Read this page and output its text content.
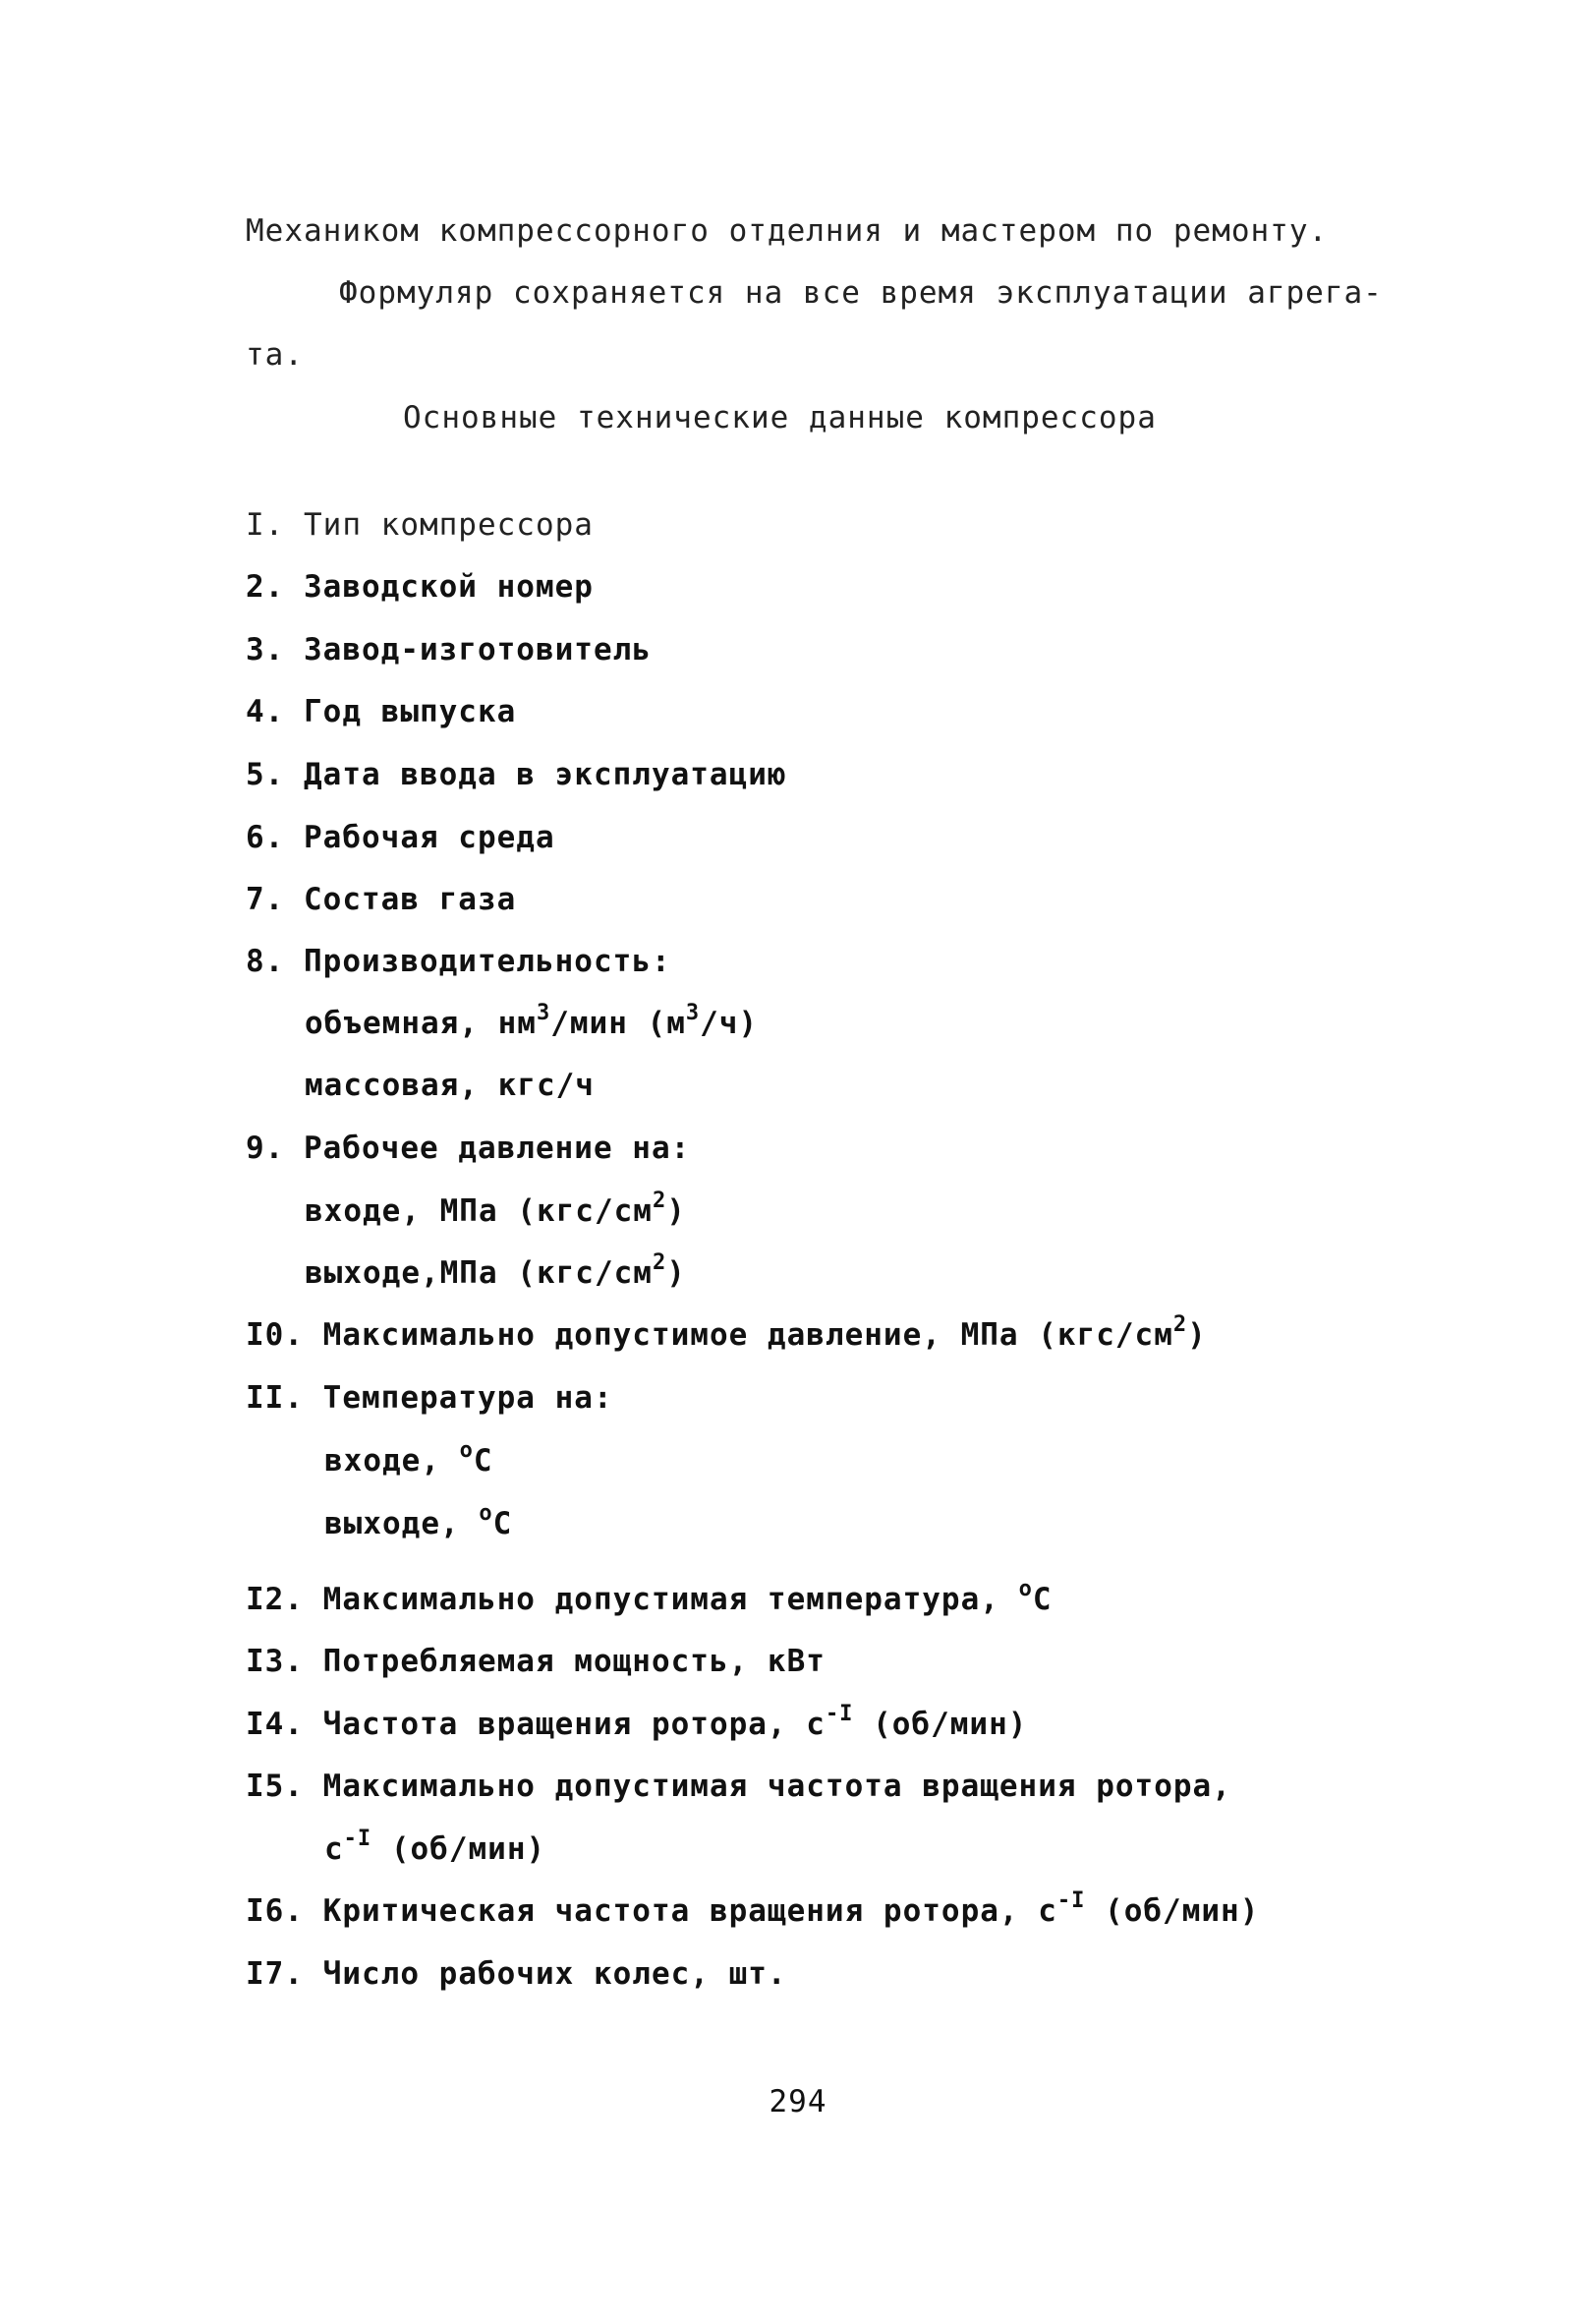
Механиком компрессорного отделния и мастером по ремонту.
Формуляр сохраняется на все время эксплуатации агрега-
та.
Основные технические данные компрессора
I. Тип компрессора
2. Заводской номер
3. Завод-изготовитель
4. Год выпуска
5. Дата ввода в эксплуатацию
6. Рабочая среда
7. Состав газа
8. Производительность:
объемная, $нм^3$/мин $(м^3/ч)$
массовая, кгс/ч
9. Рабочее давление на:
входе, МПа $(кгс/см^2)$
выходе,МПа $(кгс/см^2)$
I0. Максимально допустимое давление, МПа $(кгс/см^2)$
II. Температура на:
входе, $^о$С
выходе, $^о$С
I2. Максимально допустимая температура, $^о$С
I3. Потребляемая мощность, кВт
I4. Частота вращения ротора, $с^{-I}$ (об/мин)
I5. Максимально допустимая частота вращения ротора,
$с^{-I}$ (об/мин)
I6. Критическая частота вращения ротора, $с^{-I}$ (об/мин)
I7. Число рабочих колес, шт.
294
